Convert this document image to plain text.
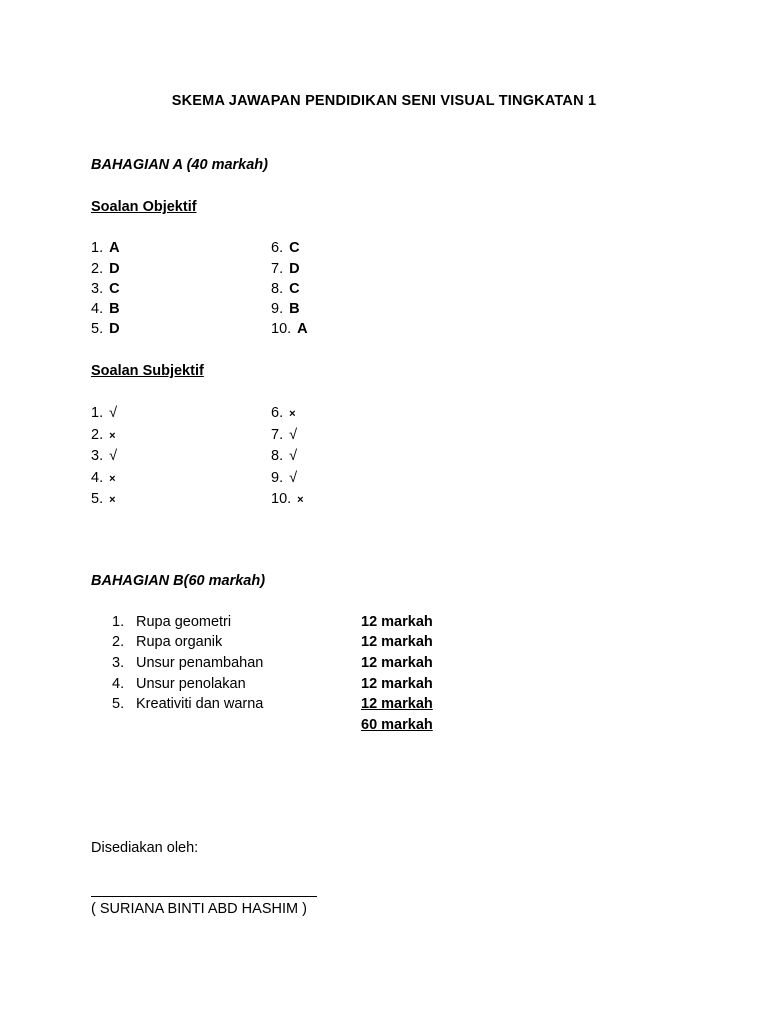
SKEMA JAWAPAN PENDIDIKAN SENI VISUAL TINGKATAN 1
BAHAGIAN A (40 markah)
Soalan Objektif
1. A
2. D
3. C
4. B
5. D
6. C
7. D
8. C
9. B
10. A
Soalan Subjektif
1. √
2. ×
3. √
4. ×
5. ×
6. ×
7. √
8. √
9. √
10. ×
BAHAGIAN B(60 markah)
1. Rupa geometri	12 markah
2. Rupa organik	12 markah
3. Unsur penambahan	12 markah
4. Unsur penolakan	12 markah
5. Kreativiti dan warna	12 markah
60 markah
Disediakan oleh:
( SURIANA BINTI ABD HASHIM )
